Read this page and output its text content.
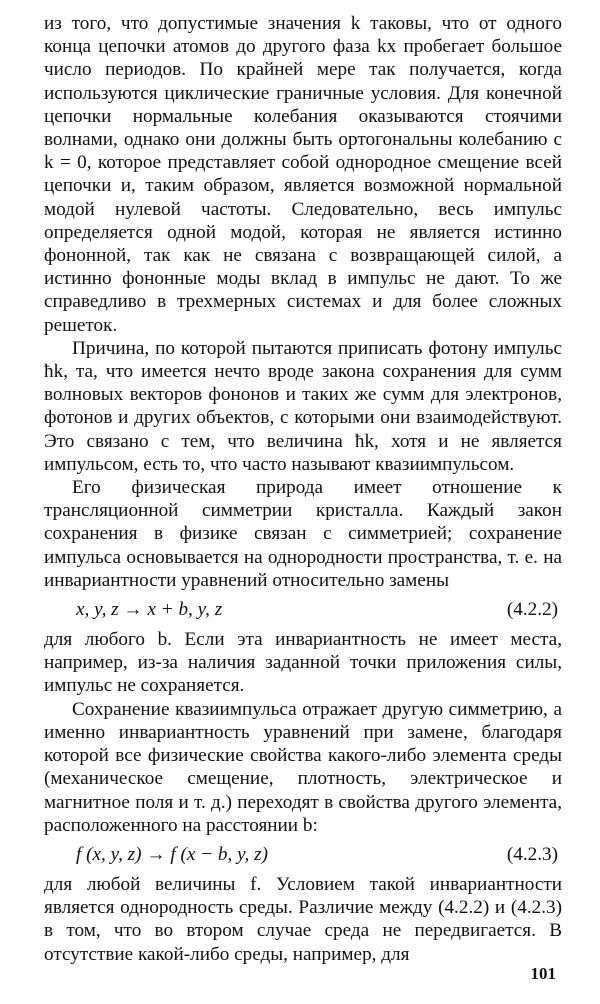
из того, что допустимые значения k таковы, что от одного конца цепочки атомов до другого фаза kx пробегает большое число периодов. По крайней мере так получается, когда используются циклические граничные условия. Для конечной цепочки нормальные колебания оказываются стоячими волнами, однако они должны быть ортогональны колебанию с k = 0, которое представляет собой однородное смещение всей цепочки и, таким образом, является возможной нормальной модой нулевой частоты. Следовательно, весь импульс определяется одной модой, которая не является истинно фононной, так как не связана с возвращающей силой, а истинно фононные моды вклад в импульс не дают. То же справедливо в трехмерных системах и для более сложных решеток.

Причина, по которой пытаются приписать фотону импульс ħk, та, что имеется нечто вроде закона сохранения для сумм волновых векторов фононов и таких же сумм для электронов, фотонов и других объектов, с которыми они взаимодействуют. Это связано с тем, что величина ħk, хотя и не является импульсом, есть то, что часто называют квазиимпульсом.

Его физическая природа имеет отношение к трансляционной симметрии кристалла. Каждый закон сохранения в физике связан с симметрией; сохранение импульса основывается на однородности пространства, т. е. на инвариантности уравнений относительно замены

x, y, z → x + b, y, z	(4.2.2)

для любого b. Если эта инвариантность не имеет места, например, из-за наличия заданной точки приложения силы, импульс не сохраняется.

Сохранение квазиимпульса отражает другую симметрию, а именно инвариантность уравнений при замене, благодаря которой все физические свойства какого-либо элемента среды (механическое смещение, плотность, электрическое и магнитное поля и т. д.) переходят в свойства другого элемента, расположенного на расстоянии b:

f (x, y, z) → f (x − b, y, z)	(4.2.3)

для любой величины f. Условием такой инвариантности является однородность среды. Различие между (4.2.2) и (4.2.3) в том, что во втором случае среда не передвигается. В отсутствие какой-либо среды, например, для

101
